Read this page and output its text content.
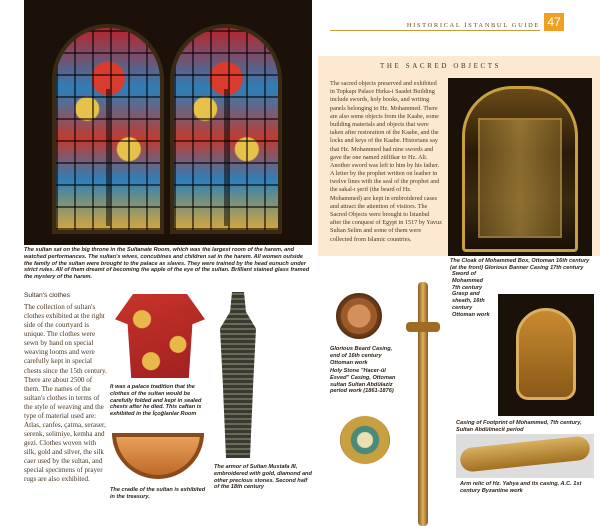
The sultan sat on the big throne in the Sultanate Room, which was the largest room of the harem, and watched performances. The sultan's wives, concubines and children sat in the harem. All women outside the family of the sultan were brought to the palace as slaves. They were trained by the head eunuch under strict rules. All of them dreamt of becoming the apple of the eye of the sultan. Brilliant stained glass framed the mystery of the harem.
HISTORICAL İSTANBUL GUIDE 47
THE SACRED OBJECTS
The sacred objects preserved and exhibited in Topkapı Palace Hırka-i Saadet Building include swords, holy books, and writing panels belonging to Hz. Mohammed. There are also some objects from the Kaabe, some building materials and objects that were taken after restoration of the Kaabe, and the locks and keys of the Kaabe. Historians say that Hz. Mohammed had nine swords and gave the one named zülfikar to Hz. Ali. Another sword was left to him by his father. A letter by the prophet written on leather in twelve lines with the seal of the prophet and the sakal-ı şerif (the beard of Hz. Mohammed) are kept in embroidered cases and attract the attention of visitors. The Sacred Objects were brought to İstanbul after the conquest of Egypt in 1517 by Yavuz Sultan Selim and some of them were collected from Islamic countries.
The Cloak of Mohammed Box, Ottoman 16th century (at the front) Glorious Banner Casing 17th century
Sultan's clothes
The collection of sultan's clothes exhibited at the right side of the courtyard is unique. The clothes were sewn by hand on special weaving looms and were carefully kept in special chests since the 15th century. There are about 2500 of them. The names of the sultan's clothes in terms of the style of weaving and the type of material used are: Atlas, canfes, çatma, seraser, serenk, selimiye, kemha and gezi. Clothes woven with silk, gold and silver, the silk caer used by the sultan, and special specimens of prayer rugs are also exhibited.
It was a palace tradition that the clothes of the sultan would be carefully folded and kept in sealed chests after he died. This caftan is exhibited in the İçoğlanlar Room
The cradle of the sultan is exhibited in the treasury.
The armor of Sultan Mustafa III, embroidered with gold, diamond and other precious stones. Second half of the 18th century
Glorious Beard Casing, end of 16th century Ottoman work
Holy Stone "Hacer-ül Esved" Casing, Ottoman sultan Sultan Abdülaziz period work (1861-1876)
Sword of Mohammed 7th century Grasp and sheath, 16th century Ottoman work
Casing of Footprint of Mohammed, 7th century, Sultan Abdülmecit period
Arm relic of Hz. Yahya and its casing, A.C. 1st century Byzantine work
